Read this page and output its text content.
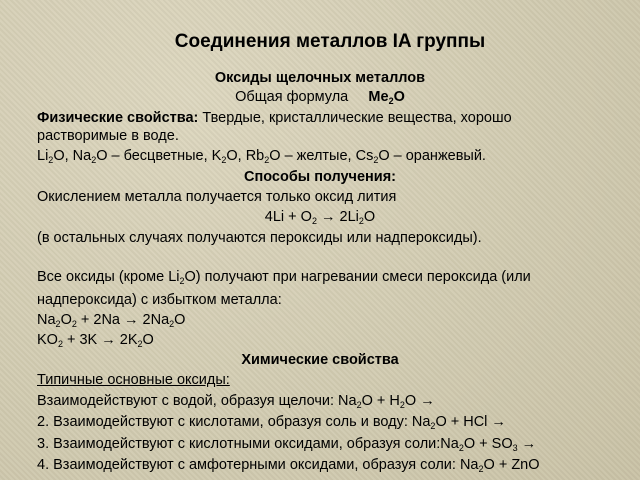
Соединения металлов IA группы
Оксиды щелочных металлов
Общая формула $Me_2O$
Физические свойства: Твердые, кристаллические вещества, хорошо
растворимые в воде.
$Li_2O$, $Na_2O$ – бесцветные, $K_2O$, $Rb_2O$ – желтые, $Cs_2O$ – оранжевый.
Способы получения:
Окислением металла получается только оксид лития
$4Li + O_2 \to 2Li_2O$
(в остальных случаях получаются пероксиды или надпероксиды).
Все оксиды (кроме $Li_2O$) получают при нагревании смеси пероксида (или
надпероксида) с избытком металла:
$Na_2O_2 + 2Na \to 2Na_2O$
$KO_2 + 3K \to 2K_2O$
Химические свойства
Типичные основные оксиды:
Взаимодействуют с водой, образуя щелочи: $Na_2O + H_2O$ →
2. Взаимодействуют с кислотами, образуя соль и воду: $Na_2O$ + HCl →
3. Взаимодействуют с кислотными оксидами, образуя $соли:Na_2O + SO_3$ →
4. Взаимодействуют с амфотерными оксидами, образуя соли: $Na_2O$ + ZnO
